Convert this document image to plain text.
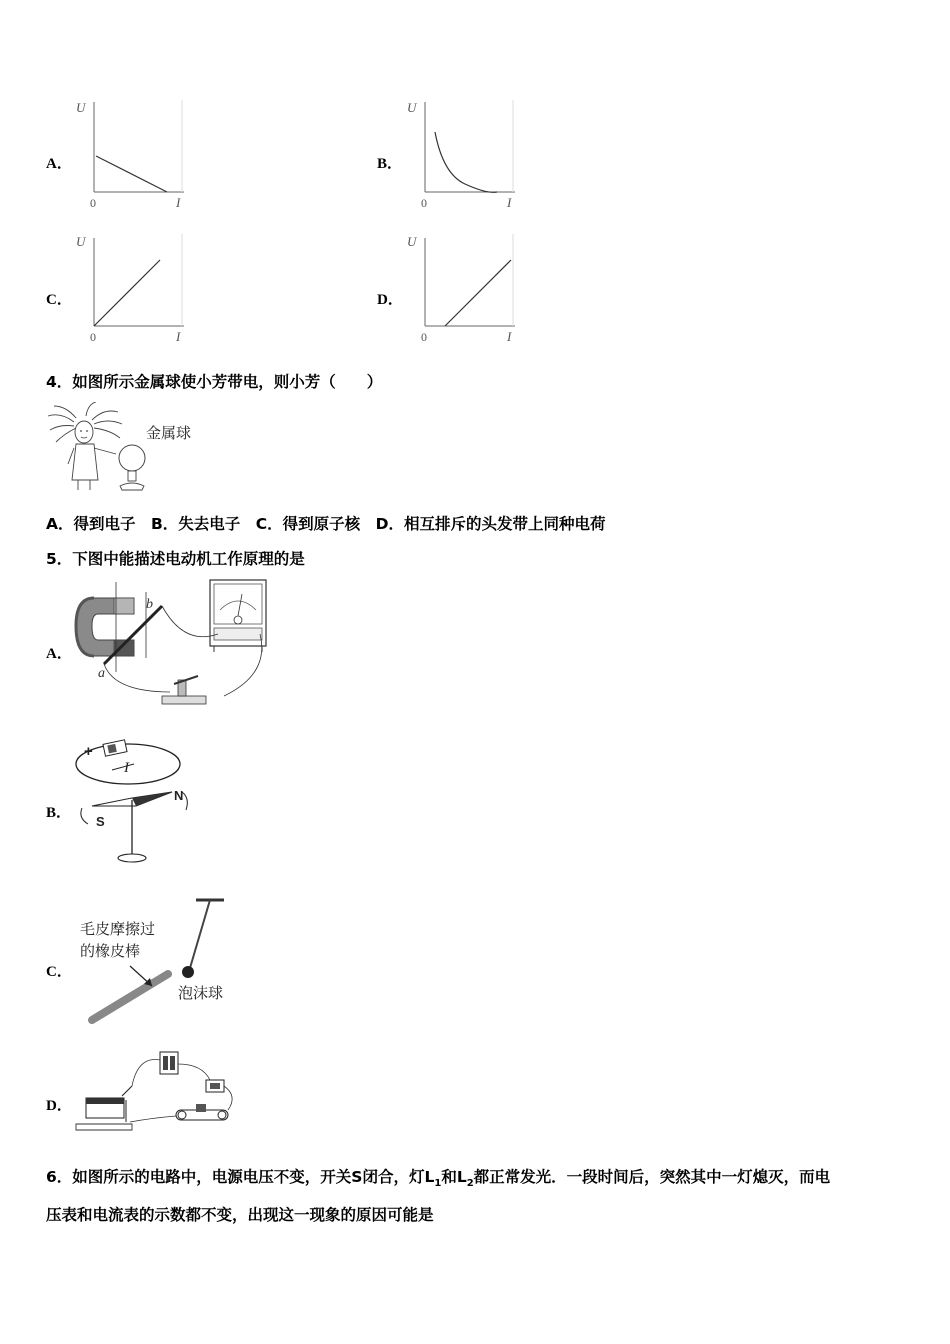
A．
U
0	I
B．
U
0	I
C．
U
0	I
D．
U
0	I
4．如图所示金属球使小芳带电，则小芳（　　）
金属球
A．得到电子　B．失去电子　C．得到原子核　D．相互排斥的头发带上同种电荷
5．下图中能描述电动机工作原理的是
A．
b
a
B．
+
I
N
S
C．
毛皮摩擦过
的橡皮棒
泡沫球
D．
6．如图所示的电路中，电源电压不变，开关S闭合，灯$L_1$和$L_2$都正常发光．一段时间后，突然其中一灯熄灭，而电
压表和电流表的示数都不变，出现这一现象的原因可能是
